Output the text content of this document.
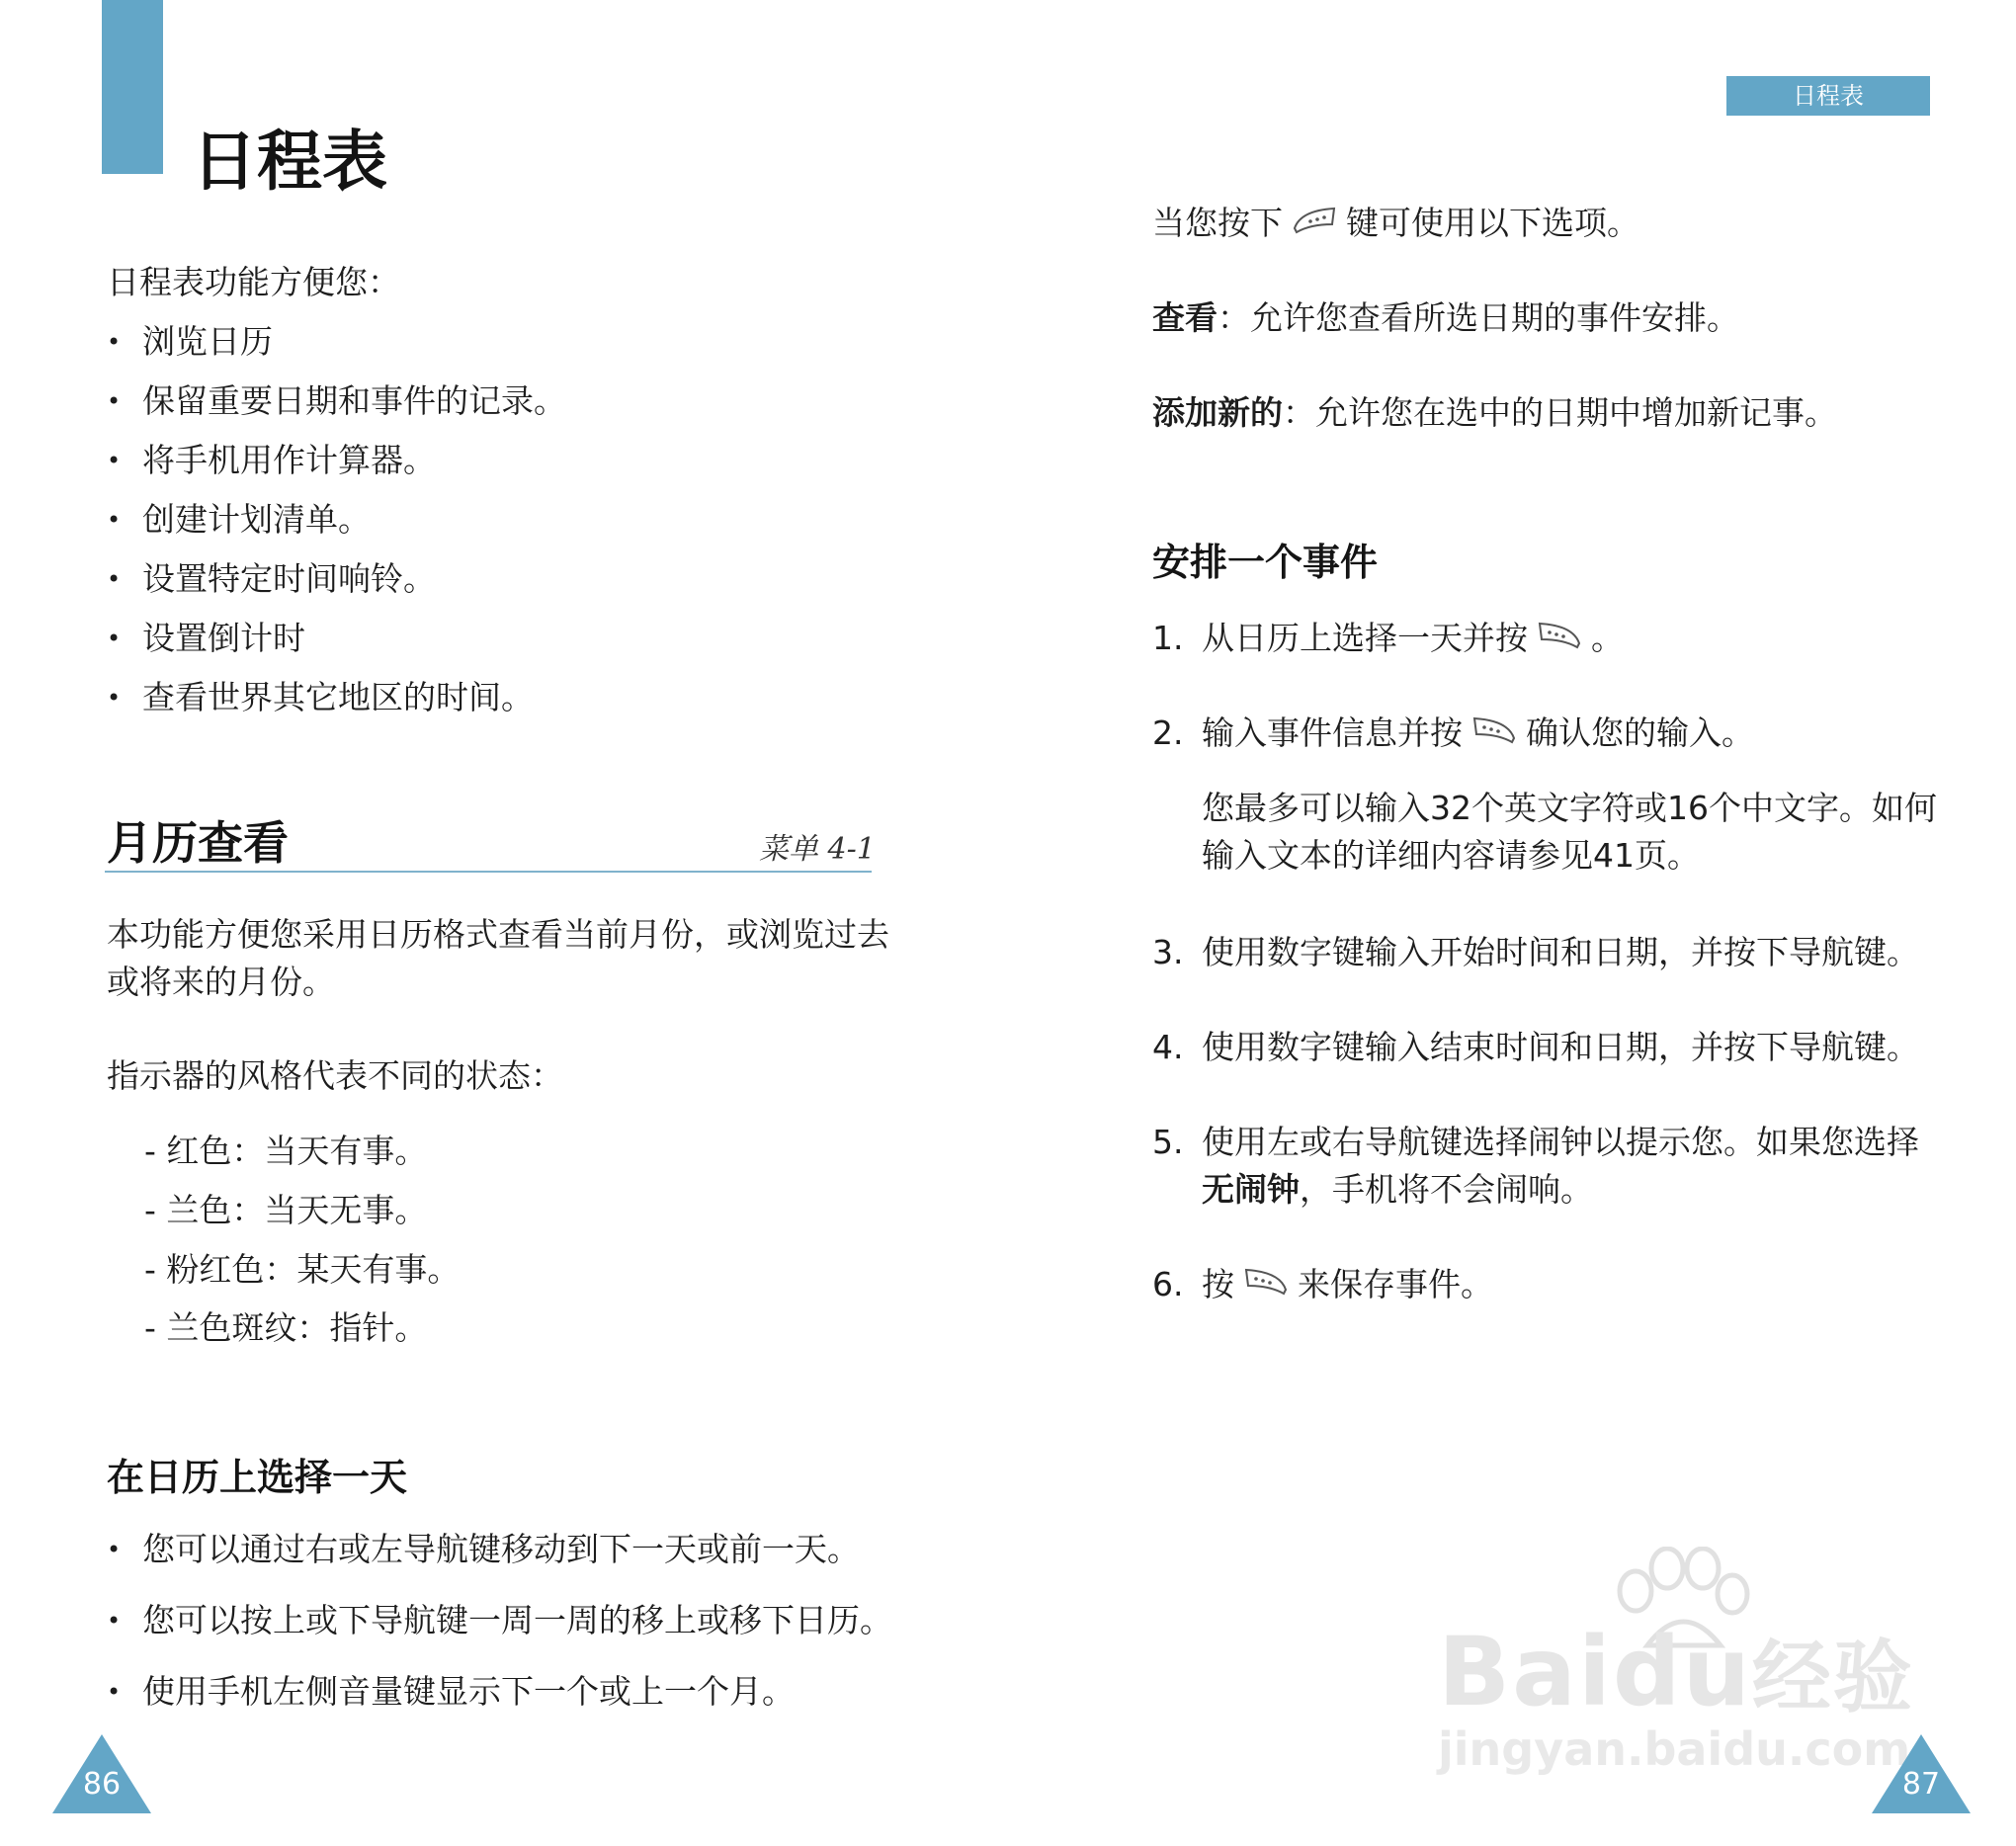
日程表
日程表功能方便您：
• 浏览日历
• 保留重要日期和事件的记录。
• 将手机用作计算器。
• 创建计划清单。
• 设置特定时间响铃。
• 设置倒计时
• 查看世界其它地区的时间。
月历查看	菜单 4-1
本功能方便您采用日历格式查看当前月份，或浏览过去
或将来的月份。
指示器的风格代表不同的状态：
- 红色：当天有事。
- 兰色：当天无事。
- 粉红色：某天有事。
- 兰色斑纹：指针。
在日历上选择一天
• 您可以通过右或左导航键移动到下一天或前一天。
• 您可以按上或下导航键一周一周的移上或移下日历。
• 使用手机左侧音量键显示下一个或上一个月。
86
日程表
当您按下 键可使用以下选项。
查看：允许您查看所选日期的事件安排。
添加新的：允许您在选中的日期中增加新记事。
安排一个事件
1. 从日历上选择一天并按 。
2. 输入事件信息并按 确认您的输入。
您最多可以输入32个英文字符或16个中文字。如何
输入文本的详细内容请参见41页。
3. 使用数字键输入开始时间和日期，并按下导航键。
4. 使用数字键输入结束时间和日期，并按下导航键。
5. 使用左或右导航键选择闹钟以提示您。如果您选择
无闹钟，手机将不会闹响。
6. 按 来保存事件。
Baidu经验
jingyan.baidu.com
87
